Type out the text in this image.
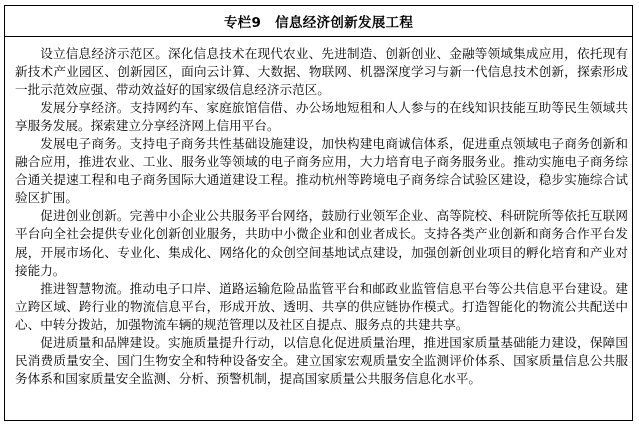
专栏9 信息经济创新发展工程

设立信息经济示范区。深化信息技术在现代农业、先进制造、创新创业、金融等领域集成应用，依托现有新技术产业园区、创新园区，面向云计算、大数据、物联网、机器深度学习与新一代信息技术创新，探索形成一批示范效应强、带动效益好的国家级信息经济示范区。

发展分享经济。支持网约车、家庭旅馆信借、办公场地短租和人人参与的在线知识技能互助等民生领域共享服务发展。探索建立分享经济网上信用平台。

发展电子商务。支持电子商务共性基础设施建设，加快构建电商诚信体系，促进重点领域电子商务创新和融合应用，推进农业、工业、服务业等领域的电子商务应用，大力培育电子商务服务业。推动实施电子商务综合通关提速工程和电子商务国际大通道建设工程。推动杭州等跨境电子商务综合试验区建设，稳步实施综合试验区扩围。

促进创业创新。完善中小企业公共服务平台网络，鼓励行业领军企业、高等院校、科研院所等依托互联网平台向全社会提供专业化创新创业服务，共助中小微企业和创业者成长。支持各类产业创新和商务合作平台发展，开展市场化、专业化、集成化、网络化的众创空间基地试点建设，加强创新创业项目的孵化培育和产业对接能力。

推进智慧物流。推动电子口岸、道路运输危险品监管平台和邮政业监管信息平台等公共信息平台建设。建立跨区域、跨行业的物流信息平台，形成开放、透明、共享的供应链协作模式。打造智能化的物流公共配送中心、中转分拨站，加强物流车辆的规范管理以及社区自提点、服务点的共建共享。

促进质量和品牌建设。实施质量提升行动，以信息化促进质量治理，推进国家质量基础能力建设，保障国民消费质量安全、国门生物安全和特种设备安全。建立国家宏观质量安全监测评价体系、国家质量信息公共服务体系和国家质量安全监测、分析、预警机制，提高国家质量公共服务信息化水平。
